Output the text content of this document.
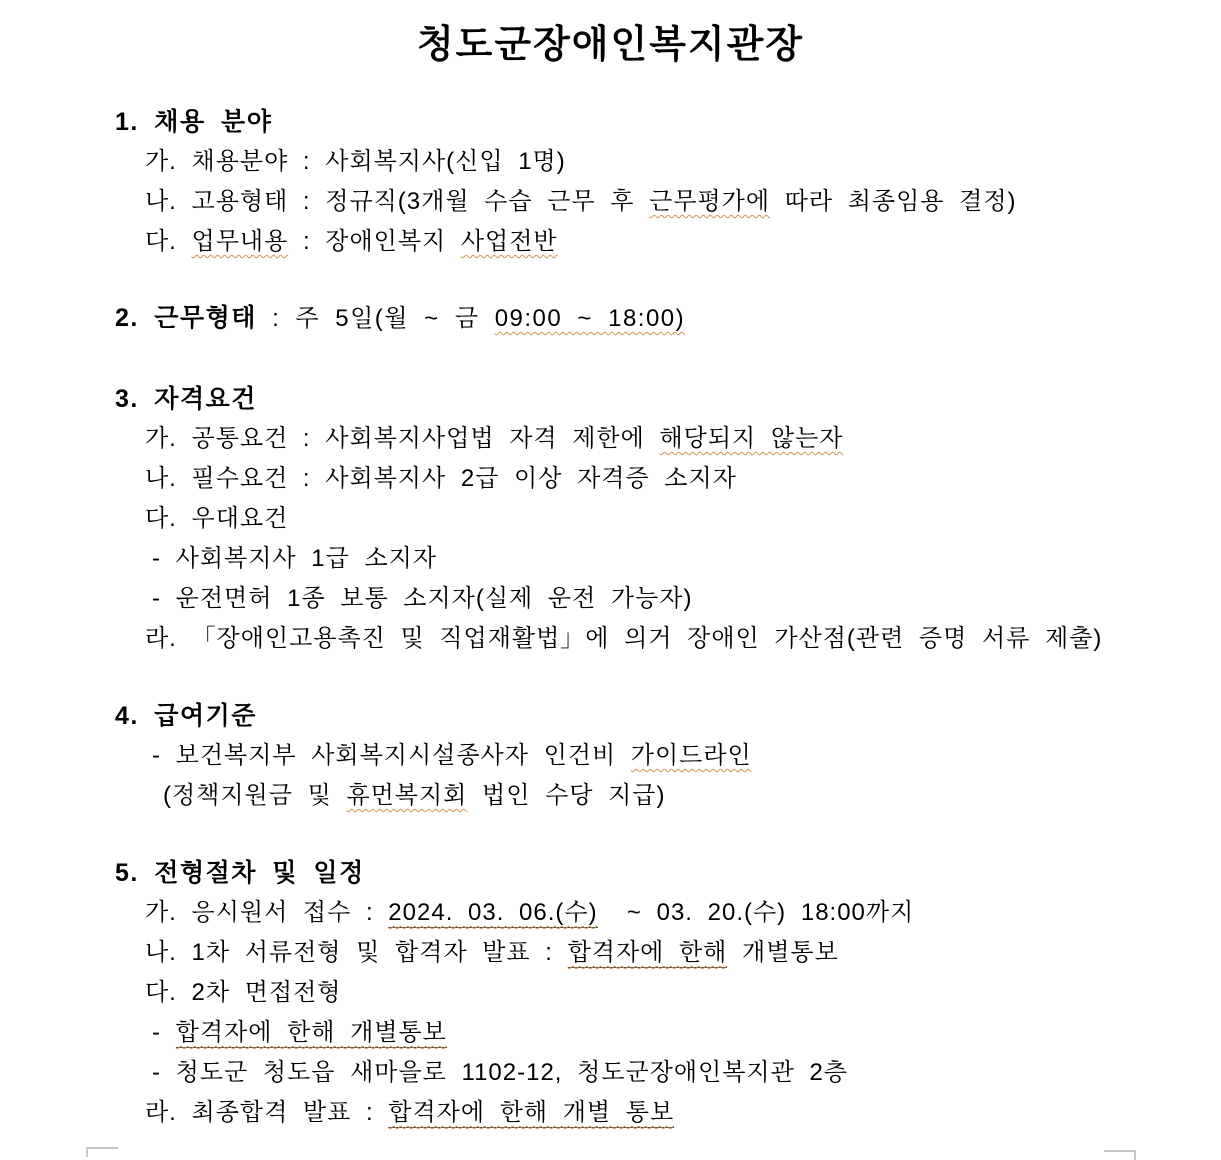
청도군장애인복지관장
1. 채용 분야
가. 채용분야 : 사회복지사(신입 1명)
나. 고용형태 : 정규직(3개월 수습 근무 후 근무평가에 따라 최종임용 결정)
다. 업무내용 : 장애인복지 사업전반
2. 근무형태 : 주 5일(월 ~ 금 09:00 ~ 18:00)
3. 자격요건
가. 공통요건 : 사회복지사업법 자격 제한에 해당되지 않는자
나. 필수요건 : 사회복지사 2급 이상 자격증 소지자
다. 우대요건
- 사회복지사 1급 소지자
- 운전면허 1종 보통 소지자(실제 운전 가능자)
라. 「장애인고용촉진 및 직업재활법」에 의거 장애인 가산점(관련 증명 서류 제출)
4. 급여기준
- 보건복지부 사회복지시설종사자 인건비 가이드라인
(정책지원금 및 휴먼복지회 법인 수당 지급)
5. 전형절차 및 일정
가. 응시원서 접수 : 2024. 03. 06.(수)  ~ 03. 20.(수) 18:00까지
나. 1차 서류전형 및 합격자 발표 : 합격자에 한해 개별통보
다. 2차 면접전형
- 합격자에 한해 개별통보
- 청도군 청도읍 새마을로 1102-12, 청도군장애인복지관 2층
라. 최종합격 발표 : 합격자에 한해 개별 통보
